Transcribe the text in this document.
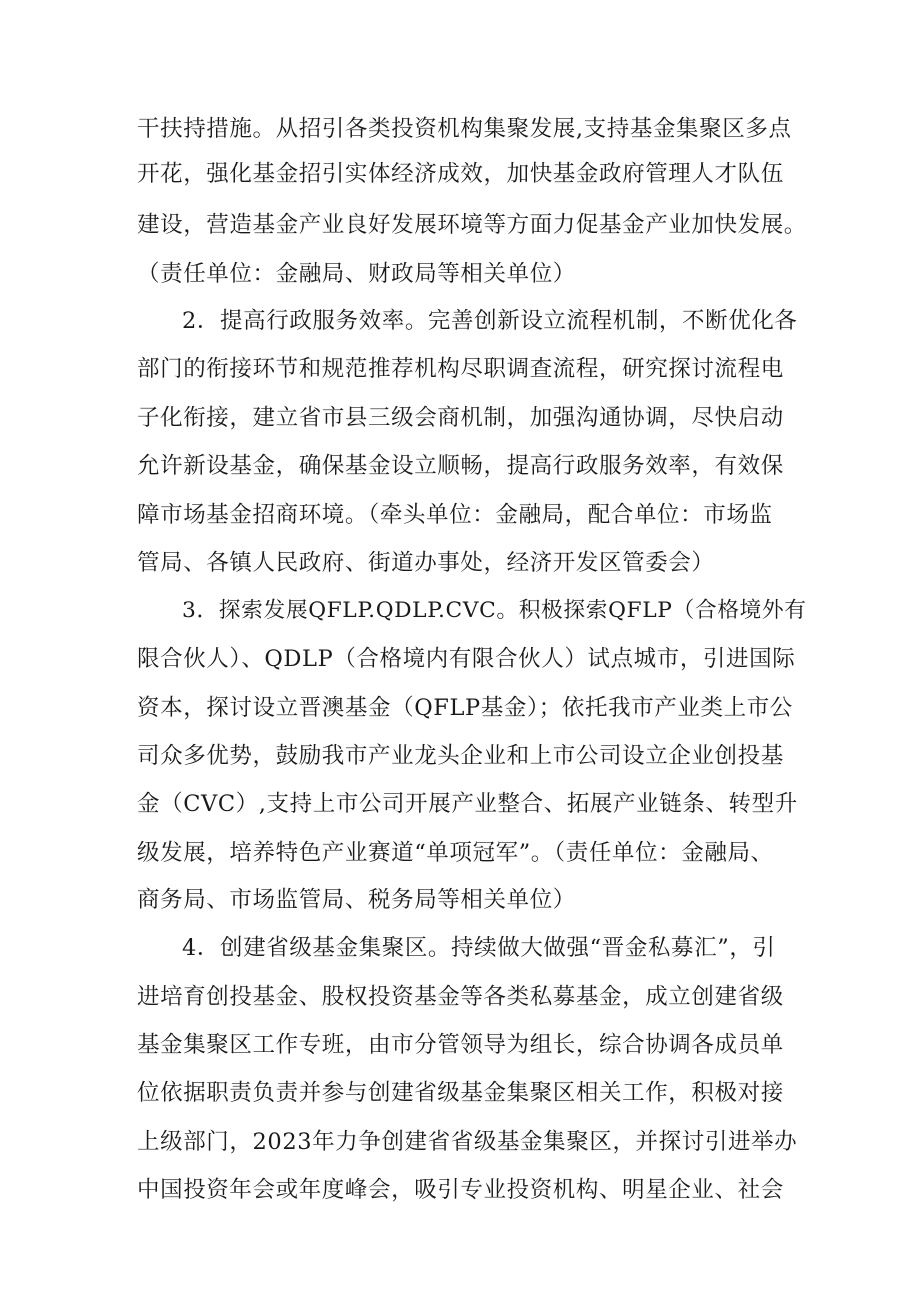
干扶持措施。从招引各类投资机构集聚发展,支持基金集聚区多点
开花，强化基金招引实体经济成效，加快基金政府管理人才队伍
建设，营造基金产业良好发展环境等方面力促基金产业加快发展。
（责任单位：金融局、财政局等相关单位）
2．提高行政服务效率。完善创新设立流程机制，不断优化各
部门的衔接环节和规范推荐机构尽职调查流程，研究探讨流程电
子化衔接，建立省市县三级会商机制，加强沟通协调，尽快启动
允许新设基金，确保基金设立顺畅，提高行政服务效率，有效保
障市场基金招商环境。（牵头单位：金融局，配合单位：市场监
管局、各镇人民政府、街道办事处，经济开发区管委会）
3．探索发展QFLP.QDLP.CVC。积极探索QFLP（合格境外有
限合伙人）、QDLP（合格境内有限合伙人）试点城市，引进国际
资本，探讨设立晋澳基金（QFLP基金）；依托我市产业类上市公
司众多优势，鼓励我市产业龙头企业和上市公司设立企业创投基
金（CVC）,支持上市公司开展产业整合、拓展产业链条、转型升
级发展，培养特色产业赛道“单项冠军”。（责任单位：金融局、
商务局、市场监管局、税务局等相关单位）
4．创建省级基金集聚区。持续做大做强“晋金私募汇”，引
进培育创投基金、股权投资基金等各类私募基金，成立创建省级
基金集聚区工作专班，由市分管领导为组长，综合协调各成员单
位依据职责负责并参与创建省级基金集聚区相关工作，积极对接
上级部门，2023年力争创建省省级基金集聚区，并探讨引进举办
中国投资年会或年度峰会，吸引专业投资机构、明星企业、社会
